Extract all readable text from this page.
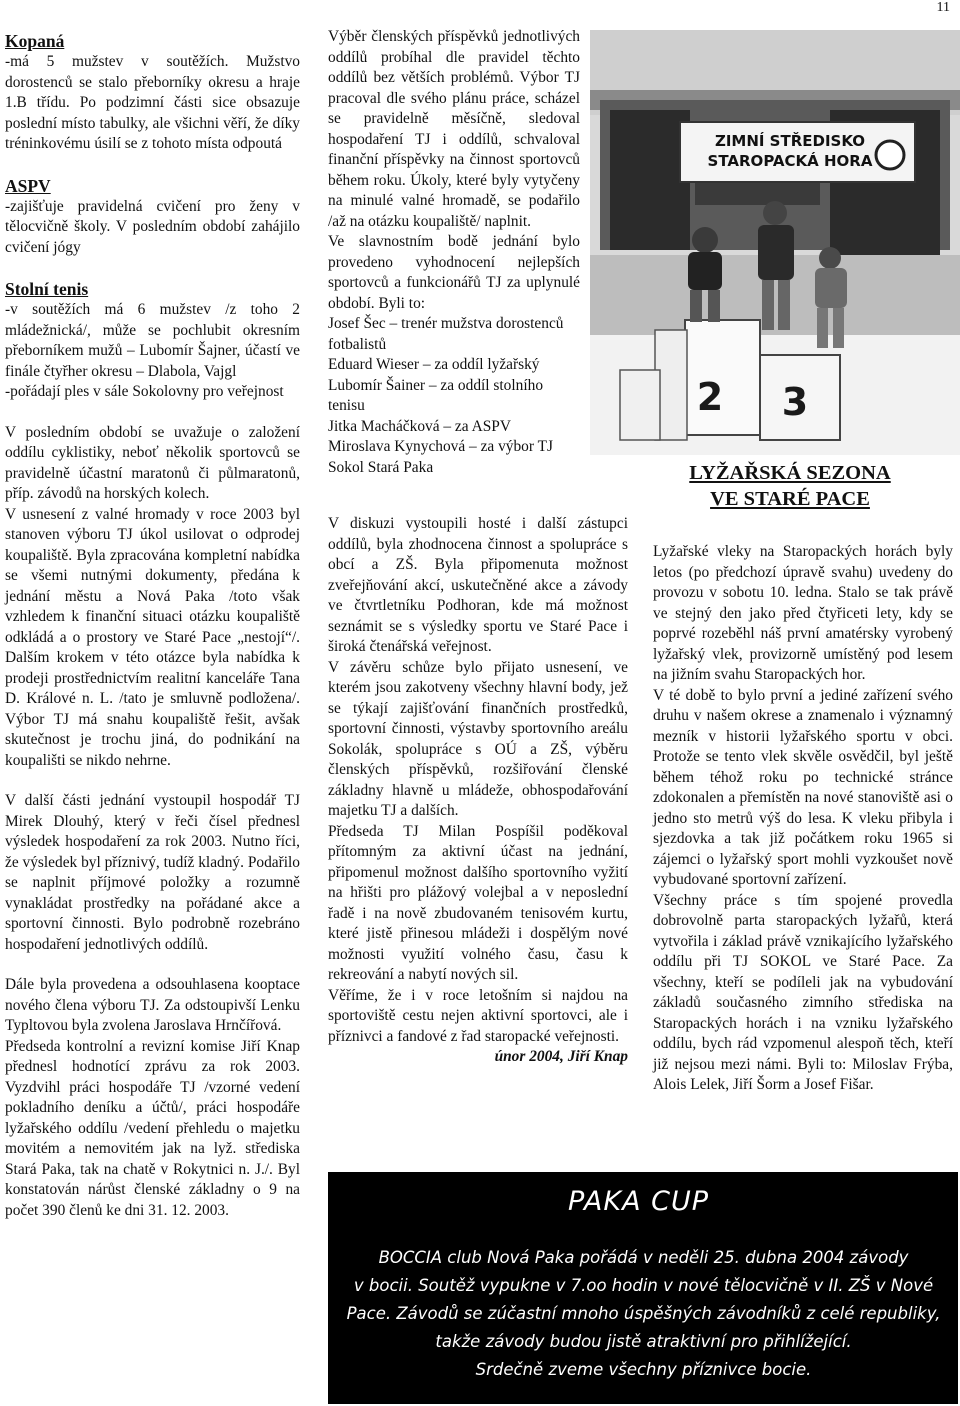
11

Kopaná

-má 5 mužstev v soutěžích. Mužstvo dorostenců se stalo přeborníky okresu a hraje 1.B třídu. Po podzimní části sice obsazuje poslední místo tabulky, ale všichni věří, že díky tréninkovému úsilí se z tohoto místa odpoutá

ASPV

-zajišťuje pravidelná cvičení pro ženy v tělocvičně školy. V posledním období zahájilo cvičení jógy

Stolní tenis

-v soutěžích má 6 mužstev /z toho 2 mládežnická/, může se pochlubit okresním přeborníkem mužů – Lubomír Šajner, účastí ve finále čtyřher okresu – Dlabola, Vajgl

-pořádají ples v sále Sokolovny pro veřejnost

V posledním období se uvažuje o založení oddílu cyklistiky, neboť několik sportovců se pravidelně účastní maratonů či půlmaratonů, příp. závodů na horských kolech.

V usnesení z valné hromady v roce 2003 byl stanoven výboru TJ úkol usilovat o odprodej koupaliště. Byla zpracována kompletní nabídka se všemi nutnými dokumenty, předána k jednání městu a Nová Paka /toto však vzhledem k finanční situaci otázku koupaliště odkládá a o prostory ve Staré Pace „nestojí“/. Dalším krokem v této otázce byla nabídka k prodeji prostřednictvím realitní kanceláře Tana D. Králové n. L. /tato je smluvně podložena/. Výbor TJ má snahu koupaliště řešit, avšak skutečnost je trochu jiná, do podnikání na koupališti se nikdo nehrne.

V další části jednání vystoupil hospodář TJ Mirek Dlouhý, který v řeči čísel přednesl výsledek hospodaření za rok 2003. Nutno říci, že výsledek byl příznivý, tudíž kladný. Podařilo se naplnit příjmové položky a rozumně vynakládat prostředky na pořádané akce a sportovní činnosti. Bylo podrobně rozebráno hospodaření jednotlivých oddílů.

Dále byla provedena a odsouhlasena kooptace nového člena výboru TJ. Za odstoupivší Lenku Typltovou byla zvolena Jaroslava Hrnčířová.

Předseda kontrolní a revizní komise Jiří Knap přednesl hodnotící zprávu za rok 2003. Vyzdvihl práci hospodáře TJ /vzorné vedení pokladního deníku a účtů/, práci hospodáře lyžařského oddílu /vedení přehledu o majetku movitém a nemovitém jak na lyž. střediska Stará Paka, tak na chatě v Rokytnici n. J./. Byl konstatován nárůst členské základny o 9 na počet 390 členů ke dni 31. 12. 2003.

Výběr členských příspěvků jednotlivých oddílů probíhal dle pravidel těchto oddílů bez větších problémů. Výbor TJ pracoval dle svého plánu práce, scházel se pravidelně měsíčně, sledoval hospodaření TJ i oddílů, schvaloval finanční příspěvky na činnost sportovců během roku. Úkoly, které byly vytyčeny na minulé valné hromadě, se podařilo /až na otázku koupaliště/ naplnit.

Ve slavnostním bodě jednání bylo provedeno vyhodnocení nejlepších sportovců a funkcionářů TJ za uplynulé období. Byli to:

Josef Šec – trenér mužstva dorostenců fotbalistů

Eduard Wieser – za oddíl lyžařský

Lubomír Šainer – za oddíl stolního tenisu

Jitka Macháčková – za ASPV

Miroslava Kynychová – za výbor TJ Sokol Stará Paka

ZIMNÍ STŘEDISKO
STAROPACKÁ HORA
2 3
LYŽAŘSKÁ SEZONA
VE STARÉ PACE

V diskuzi vystoupili hosté i další zástupci oddílů, byla zhodnocena činnost a spolupráce s obcí a ZŠ. Byla připomenuta možnost zveřejňování akcí, uskutečněné akce a závody ve čtvrtletníku Podhoran, kde má možnost seznámit se s výsledky sportu ve Staré Pace i široká čtenářská veřejnost.

V závěru schůze bylo přijato usnesení, ve kterém jsou zakotveny všechny hlavní body, jež se týkají zajišťování finančních prostředků, sportovní činnosti, výstavby sportovního areálu Sokolák, spolupráce s OÚ a ZŠ, výběru členských příspěvků, rozšiřování členské základny hlavně u mládeže, obhospodařování majetku TJ a dalších.

Předseda TJ Milan Pospíšil poděkoval přítomným za aktivní účast na jednání, připomenul možnost dalšího sportovního vyžití na hřišti pro plážový volejbal a v neposlední řadě i na nově zbudovaném tenisovém kurtu, které jistě přinesou mládeži i dospělým nové možnosti využití volného času, času k rekreování a nabytí nových sil.

Věříme, že i v roce letošním si najdou na sportoviště cestu nejen aktivní sportovci, ale i příznivci a fandové z řad staropacké veřejnosti.

únor 2004, Jiří Knap

Lyžařské vleky na Staropackých horách byly letos (po předchozí úpravě svahu) uvedeny do provozu v sobotu 10. ledna. Stalo se tak právě ve stejný den jako před čtyřiceti lety, kdy se poprvé rozeběhl náš první amatérsky vyrobený lyžařský vlek, provizorně umístěný pod lesem na jižním svahu Staropackých hor.

V té době to bylo první a jediné zařízení svého druhu v našem okrese a znamenalo i významný mezník v historii lyžařského sportu v obci. Protože se tento vlek skvěle osvědčil, byl ještě během téhož roku po technické stránce zdokonalen a přemístěn na nové stanoviště asi o jedno sto metrů výš do lesa. K vleku přibyla i sjezdovka a tak již počátkem roku 1965 si zájemci o lyžařský sport mohli vyzkoušet nově vybudované sportovní zařízení.

Všechny práce s tím spojené provedla dobrovolně parta staropackých lyžařů, která vytvořila i základ právě vznikajícího lyžařského oddílu při TJ SOKOL ve Staré Pace. Za všechny, kteří se podíleli jak na vybudování základů současného zimního střediska na Staropackých horách i na vzniku lyžařského oddílu, bych rád vzpomenul alespoň těch, kteří již nejsou mezi námi. Byli to: Miloslav Frýba, Alois Lelek, Jiří Šorm a Josef Fišar.

PAKA CUP
BOCCIA club Nová Paka pořádá v neděli 25. dubna 2004 závody
v bocii. Soutěž vypukne v 7.oo hodin v nové tělocvičně v II. ZŠ v Nové
Pace. Závodů se zúčastní mnoho úspěšných závodníků z celé republiky,
takže závody budou jistě atraktivní pro přihlížející.
Srdečně zveme všechny příznivce bocie.
